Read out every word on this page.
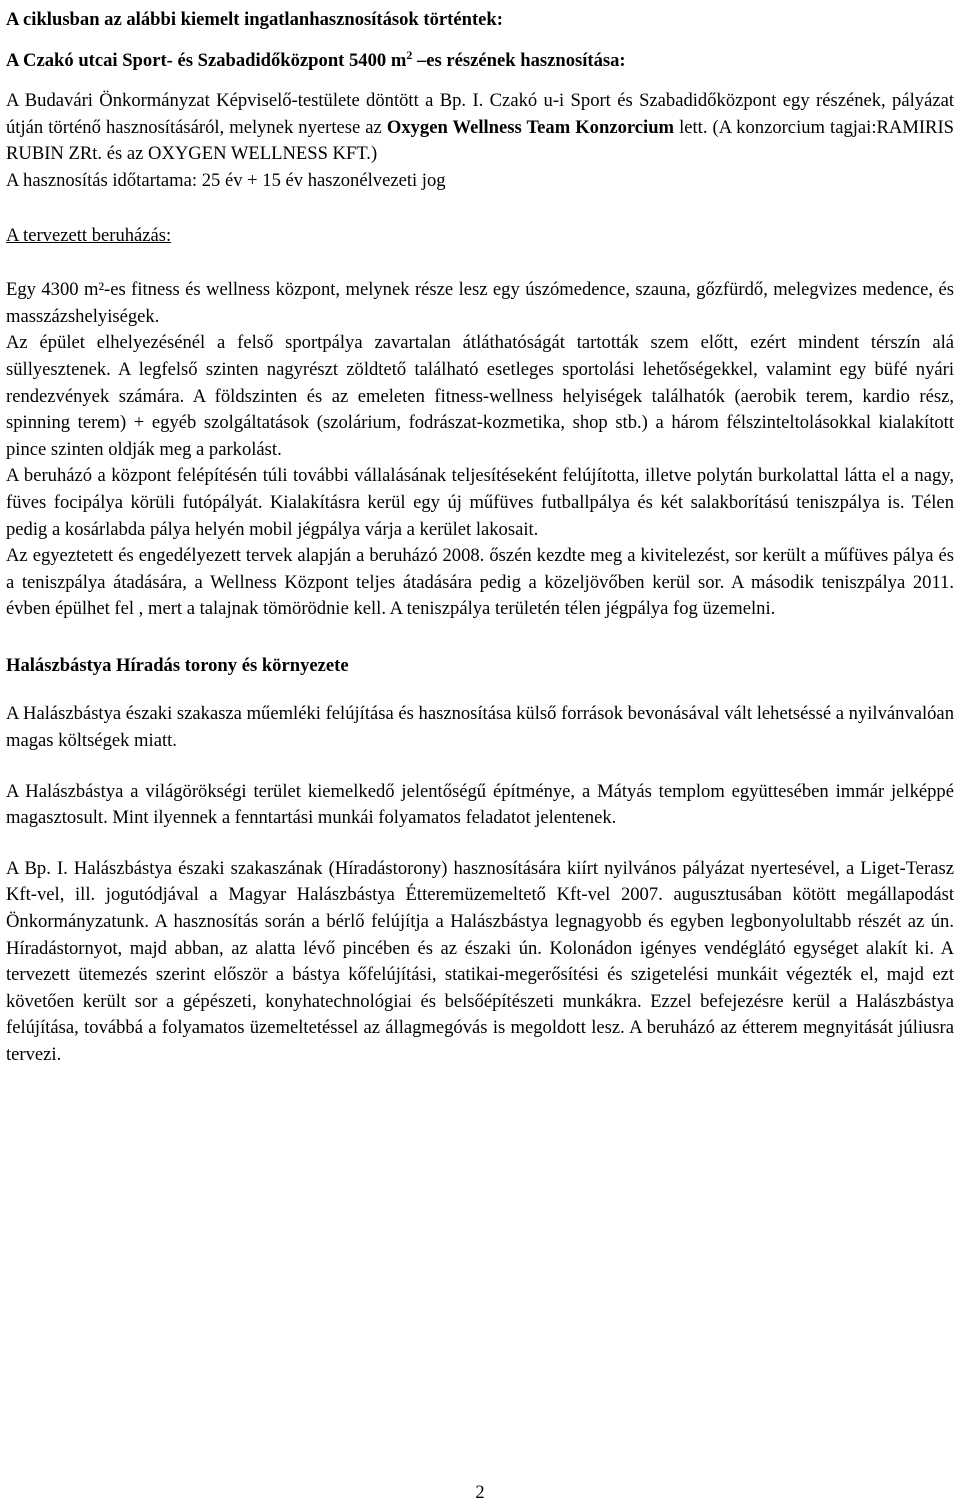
A ciklusban az alábbi kiemelt ingatlanhasznosítások történtek:

A Czakó utcai Sport- és Szabadidőközpont 5400 $m^2$ –es részének hasznosítása:

A Budavári Önkormányzat Képviselő-testülete döntött a Bp. I. Czakó u-i Sport és Szabadidőközpont egy részének, pályázat útján történő hasznosításáról, melynek nyertese az Oxygen Wellness Team Konzorcium lett. (A konzorcium tagjai:RAMIRIS RUBIN ZRt. és az OXYGEN WELLNESS KFT.)

A hasznosítás időtartama: 25 év + 15 év haszonélvezeti jog

A tervezett beruházás:

Egy 4300 m²-es fitness és wellness központ, melynek része lesz egy úszómedence, szauna, gőzfürdő, melegvizes medence, és masszázshelyiségek.

Az épület elhelyezésénél a felső sportpálya zavartalan átláthatóságát tartották szem előtt, ezért mindent térszín alá süllyesztenek. A legfelső szinten nagyrészt zöldtető található esetleges sportolási lehetőségekkel, valamint egy büfé nyári rendezvények számára. A földszinten és az emeleten fitness-wellness helyiségek találhatók (aerobik terem, kardio rész, spinning terem) + egyéb szolgáltatások (szolárium, fodrászat-kozmetika, shop stb.) a három félszinteltolásokkal kialakított pince szinten oldják meg a parkolást.

A beruházó a központ felépítésén túli további vállalásának teljesítéseként felújította, illetve polytán burkolattal látta el a nagy, füves focipálya körüli futópályát. Kialakításra kerül egy új műfüves futballpálya és két salakborítású teniszpálya is. Télen pedig a kosárlabda pálya helyén mobil jégpálya várja a kerület lakosait.

Az egyeztetett és engedélyezett tervek alapján a beruházó 2008. őszén kezdte meg a kivitelezést, sor került a műfüves pálya és a teniszpálya átadására, a Wellness Központ teljes átadására pedig a közeljövőben kerül sor. A második teniszpálya 2011. évben épülhet fel , mert a talajnak tömörödnie kell. A teniszpálya területén télen jégpálya fog üzemelni.

Halászbástya Híradás torony és környezete

A Halászbástya északi szakasza műemléki felújítása és hasznosítása külső források bevonásával vált lehetséssé a nyilvánvalóan magas költségek miatt.

A Halászbástya a világörökségi terület kiemelkedő jelentőségű építménye, a Mátyás templom együttesében immár jelképpé magasztosult. Mint ilyennek a fenntartási munkái folyamatos feladatot jelentenek.

A Bp. I. Halászbástya északi szakaszának (Híradástorony) hasznosítására kiírt nyilvános pályázat nyertesével, a Liget-Terasz Kft-vel, ill. jogutódjával a Magyar Halászbástya Étteremüzemeltető Kft-vel 2007. augusztusában kötött megállapodást Önkormányzatunk. A hasznosítás során a bérlő felújítja a Halászbástya legnagyobb és egyben legbonyolultabb részét az ún. Híradástornyot, majd abban, az alatta lévő pincében és az északi ún. Kolonádon igényes vendéglátó egységet alakít ki. A tervezett ütemezés szerint először a bástya kőfelújítási, statikai-megerősítési és szigetelési munkáit végezték el, majd ezt követően került sor a gépészeti, konyhatechnológiai és belsőépítészeti munkákra. Ezzel befejezésre kerül a Halászbástya felújítása, továbbá a folyamatos üzemeltetéssel az állagmegóvás is megoldott lesz. A beruházó az étterem megnyitását júliusra tervezi.

2
